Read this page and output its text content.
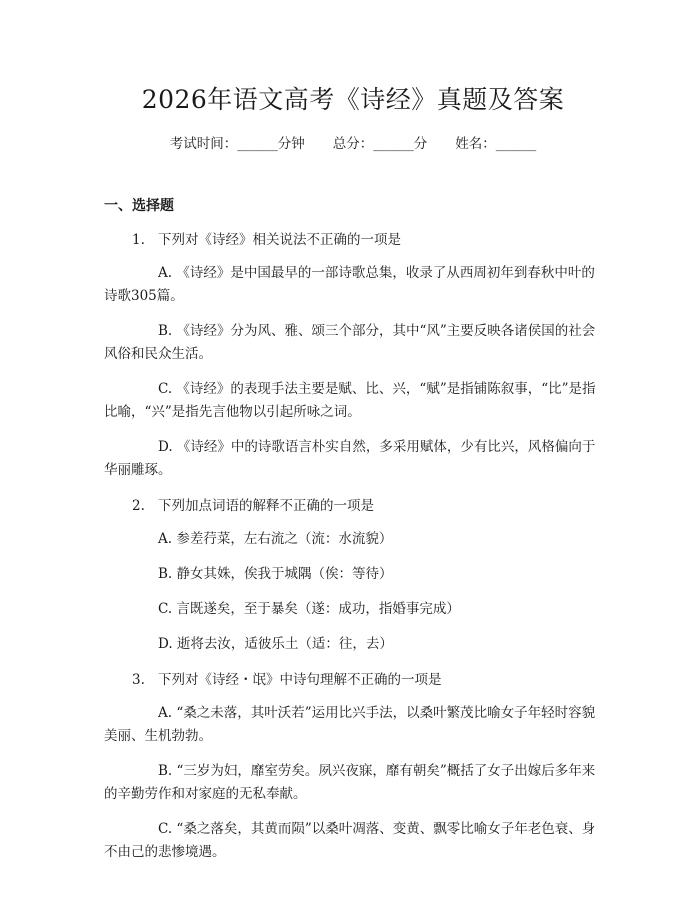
2026年语文高考《诗经》真题及答案
考试时间：______分钟 总分：______分 姓名：______
一、选择题
1. 下列对《诗经》相关说法不正确的一项是

A. 《诗经》是中国最早的一部诗歌总集，收录了从西周初年到春秋中叶的诗歌305篇。

B. 《诗经》分为风、雅、颂三个部分，其中“风”主要反映各诸侯国的社会风俗和民众生活。

C. 《诗经》的表现手法主要是赋、比、兴，“赋”是指铺陈叙事，“比”是指比喻，“兴”是指先言他物以引起所咏之词。

D. 《诗经》中的诗歌语言朴实自然，多采用赋体，少有比兴，风格偏向于华丽雕琢。

2. 下列加点词语的解释不正确的一项是

A. 参差荇菜，左右流之（流：水流貌）

B. 静女其姝，俟我于城隅（俟：等待）

C. 言既遂矣，至于暴矣（遂：成功，指婚事完成）

D. 逝将去汝，适彼乐土（适：往，去）

3. 下列对《诗经・氓》中诗句理解不正确的一项是

A. “桑之未落，其叶沃若”运用比兴手法，以桑叶繁茂比喻女子年轻时容貌美丽、生机勃勃。

B. “三岁为妇，靡室劳矣。夙兴夜寐，靡有朝矣”概括了女子出嫁后多年来的辛勤劳作和对家庭的无私奉献。

C. “桑之落矣，其黄而陨”以桑叶凋落、变黄、飘零比喻女子年老色衰、身不由己的悲惨境遇。
